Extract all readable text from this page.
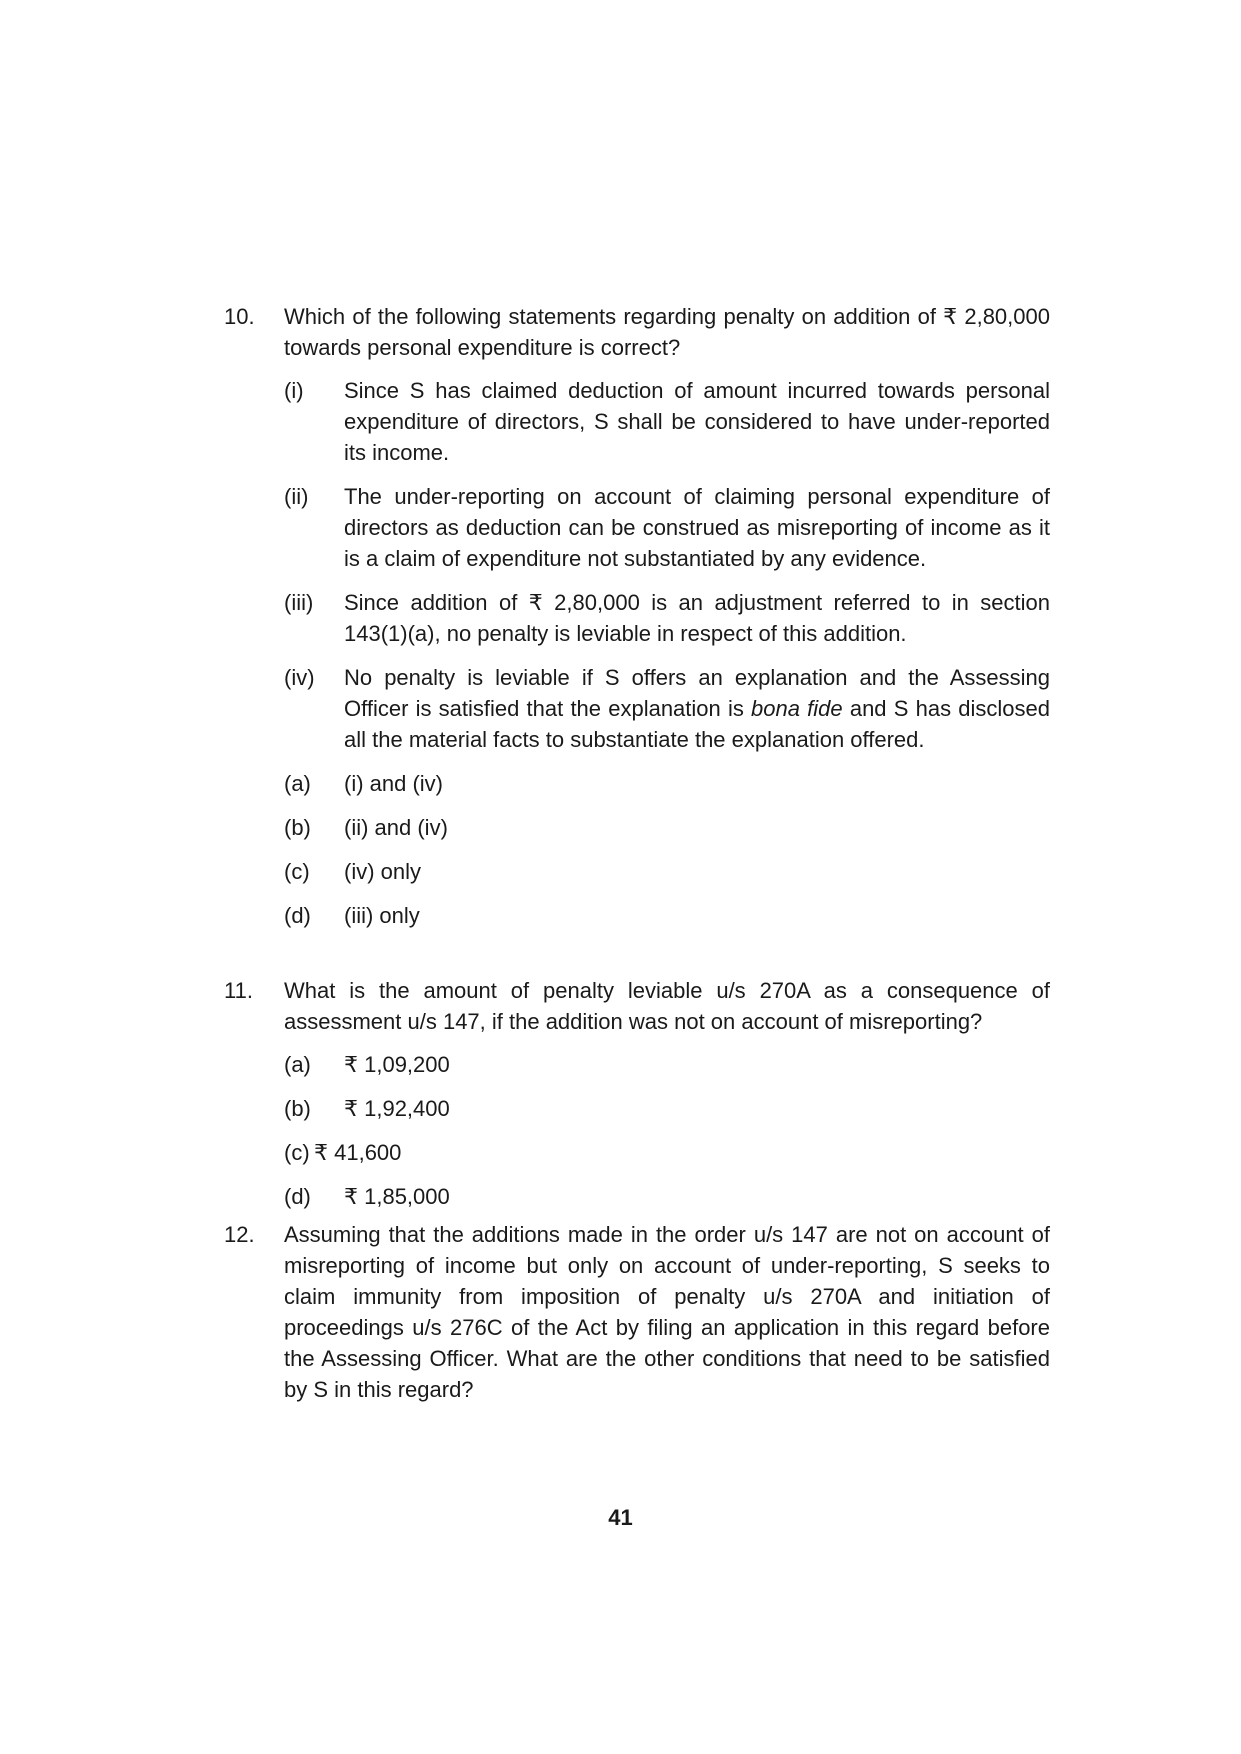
10.	Which of the following statements regarding penalty on addition of ₹ 2,80,000 towards personal expenditure is correct?
(i)	Since S has claimed deduction of amount incurred towards personal expenditure of directors, S shall be considered to have under-reported its income.
(ii)	The under-reporting on account of claiming personal expenditure of directors as deduction can be construed as misreporting of income as it is a claim of expenditure not substantiated by any evidence.
(iii)	Since addition of ₹ 2,80,000 is an adjustment referred to in section 143(1)(a), no penalty is leviable in respect of this addition.
(iv)	No penalty is leviable if S offers an explanation and the Assessing Officer is satisfied that the explanation is bona fide and S has disclosed all the material facts to substantiate the explanation offered.
(a)	(i) and (iv)
(b)	(ii) and (iv)
(c)	(iv) only
(d)	(iii) only
11.	What is the amount of penalty leviable u/s 270A as a consequence of assessment u/s 147, if the addition was not on account of misreporting?
(a)	₹ 1,09,200
(b)	₹ 1,92,400
(c) ₹ 41,600
(d)	₹ 1,85,000
12.	Assuming that the additions made in the order u/s 147 are not on account of misreporting of income but only on account of under-reporting, S seeks to claim immunity from imposition of penalty u/s 270A and initiation of proceedings u/s 276C of the Act by filing an application in this regard before the Assessing Officer. What are the other conditions that need to be satisfied by S in this regard?
41
